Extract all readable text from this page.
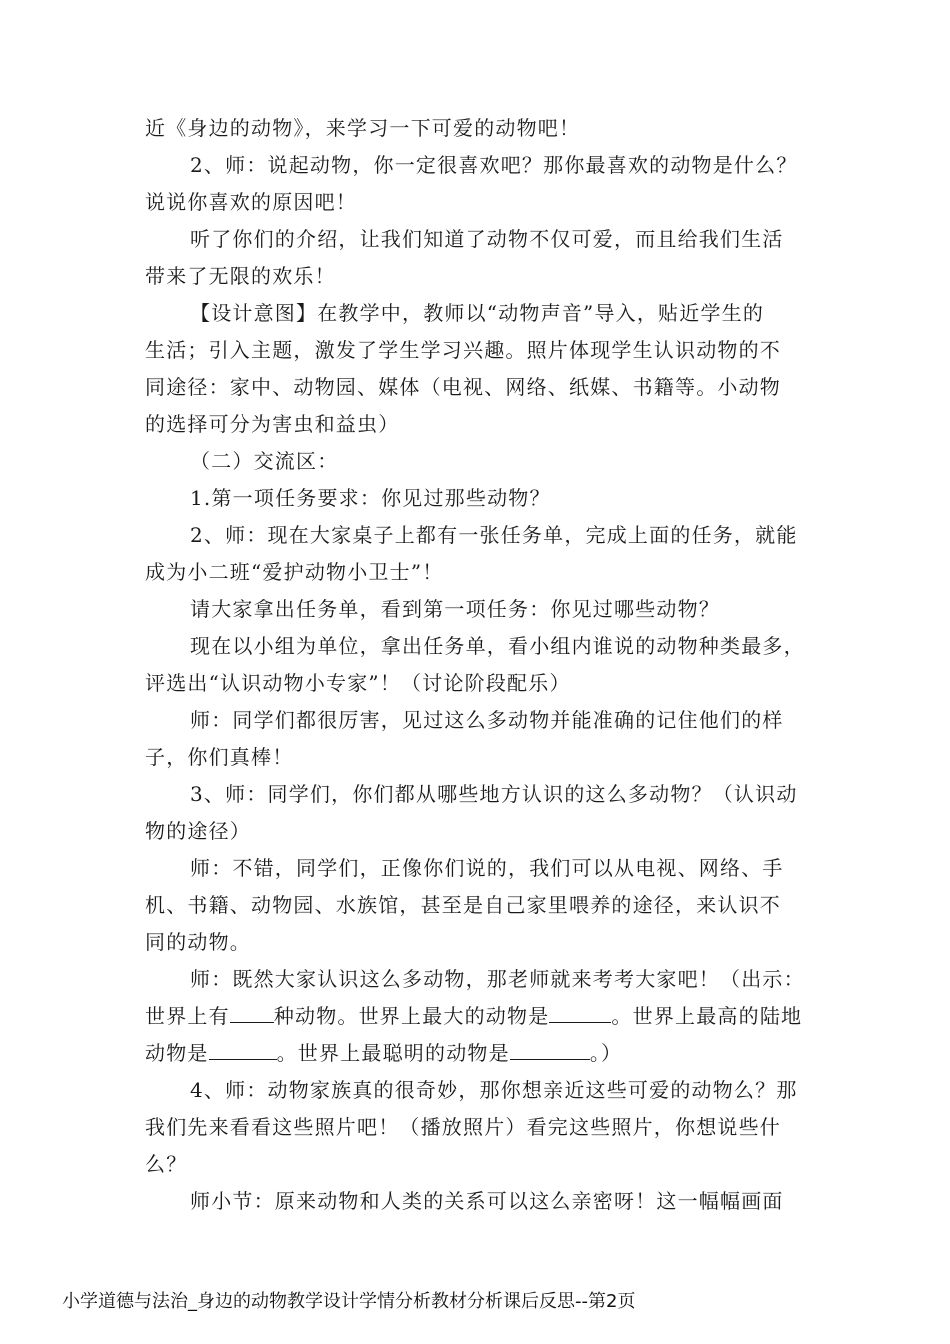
近《身边的动物》，来学习一下可爱的动物吧！
2、师：说起动物，你一定很喜欢吧？那你最喜欢的动物是什么？
说说你喜欢的原因吧！
听了你们的介绍，让我们知道了动物不仅可爱，而且给我们生活
带来了无限的欢乐！
【设计意图】在教学中，教师以“动物声音”导入，贴近学生的
生活；引入主题，激发了学生学习兴趣。照片体现学生认识动物的不
同途径：家中、动物园、媒体（电视、网络、纸媒、书籍等。小动物
的选择可分为害虫和益虫）
（二）交流区：
1.第一项任务要求：你见过那些动物？
2、师：现在大家桌子上都有一张任务单，完成上面的任务，就能
成为小二班“爱护动物小卫士”！
请大家拿出任务单，看到第一项任务：你见过哪些动物？
现在以小组为单位，拿出任务单，看小组内谁说的动物种类最多，
评选出“认识动物小专家”！（讨论阶段配乐）
师：同学们都很厉害，见过这么多动物并能准确的记住他们的样
子，你们真棒！
3、师：同学们，你们都从哪些地方认识的这么多动物？（认识动
物的途径）
师：不错，同学们，正像你们说的，我们可以从电视、网络、手
机、书籍、动物园、水族馆，甚至是自己家里喂养的途径，来认识不
同的动物。
师：既然大家认识这么多动物，那老师就来考考大家吧！（出示：
世界上有 种动物。世界上最大的动物是	。世界上最高的陆地
动物是	。世界上最聪明的动物是	。）
4、师：动物家族真的很奇妙，那你想亲近这些可爱的动物么？那
我们先来看看这些照片吧！（播放照片）看完这些照片，你想说些什
么？
师小节：原来动物和人类的关系可以这么亲密呀！这一幅幅画面
小学道德与法治_身边的动物教学设计学情分析教材分析课后反思--第2页
